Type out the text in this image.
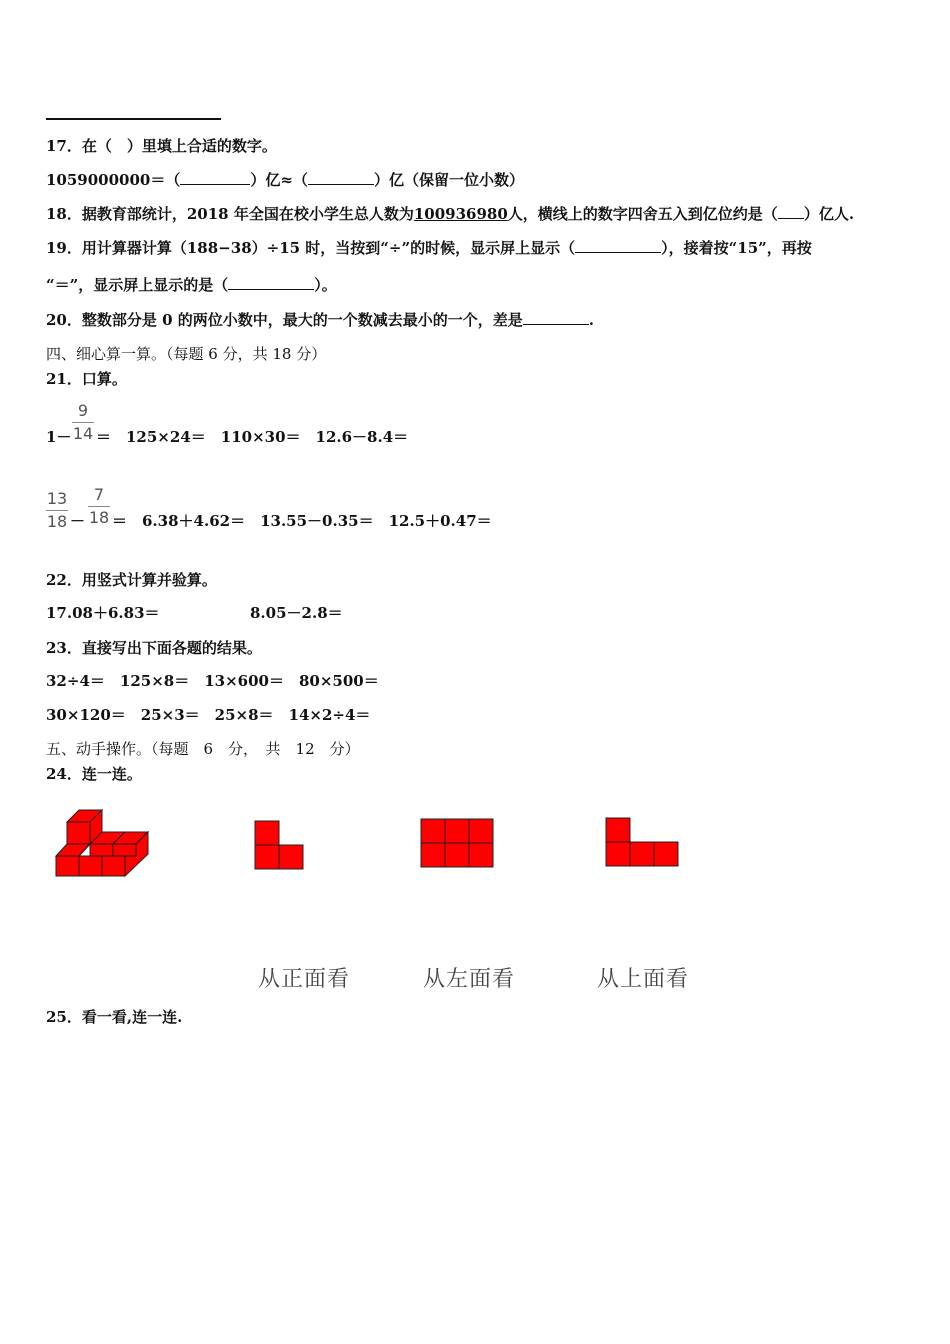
17．在（　）里填上合适的数字。
1059000000＝（	）亿≈（	）亿（保留一位小数）
18．据教育部统计，2018 年全国在校小学生总人数为100936980人，横线上的数字四舍五入到亿位约是（ ）亿人.
19．用计算器计算（188−38）÷15 时，当按到“÷”的时候，显示屏上显示（	），接着按“15”，再按
“＝”，显示屏上显示的是（	）。
20．整数部分是 0 的两位小数中，最大的一个数减去最小的一个，差是	.
四、细心算一算。（每题 6 分，共 18 分）
21．口算。
1－
9
14 ＝　125×24＝　110×30＝　12.6－8.4＝
13
18 －
7
18 ＝　6.38＋4.62＝　13.55－0.35＝　12.5＋0.47＝
22．用竖式计算并验算。
17.08＋6.83＝	8.05－2.8＝
23．直接写出下面各题的结果。
32÷4＝　125×8＝　13×600＝　80×500＝
30×120＝　25×3＝　25×8＝　14×2÷4＝
五、动手操作。（每题　6　分，　共　12　分）
24．连一连。
从正面看	从左面看	从上面看
25．看一看,连一连.
